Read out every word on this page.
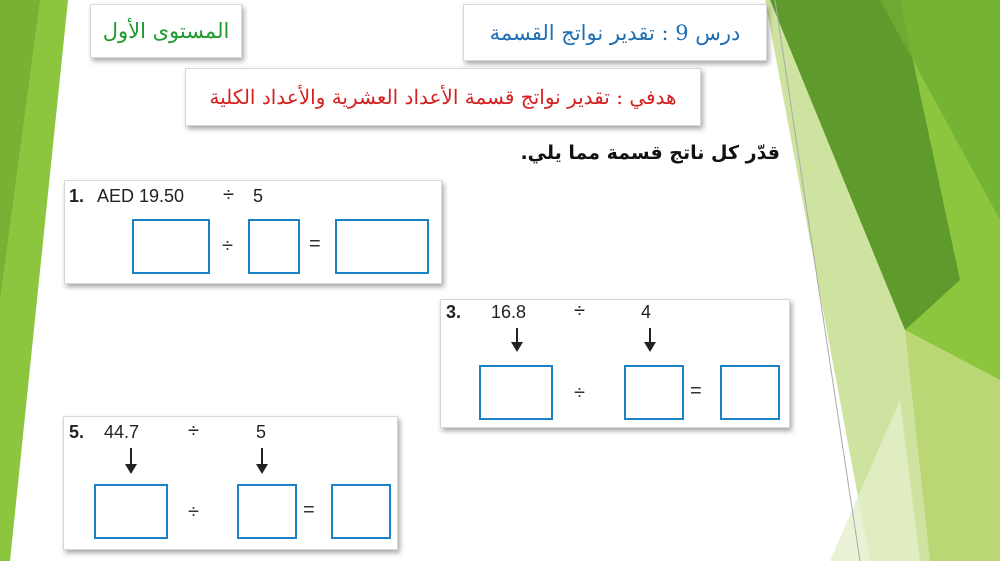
المستوى الأول	درس 9 : تقدير نواتج القسمة
هدفي : تقدير نواتج قسمة الأعداد العشرية والأعداد الكلية
قدّر كل ناتج قسمة مما يلي.
1. AED 19.50 ÷ 5
÷	=
3. 16.8 ÷	4
÷	=
5. 44.7 ÷	5
÷	=
